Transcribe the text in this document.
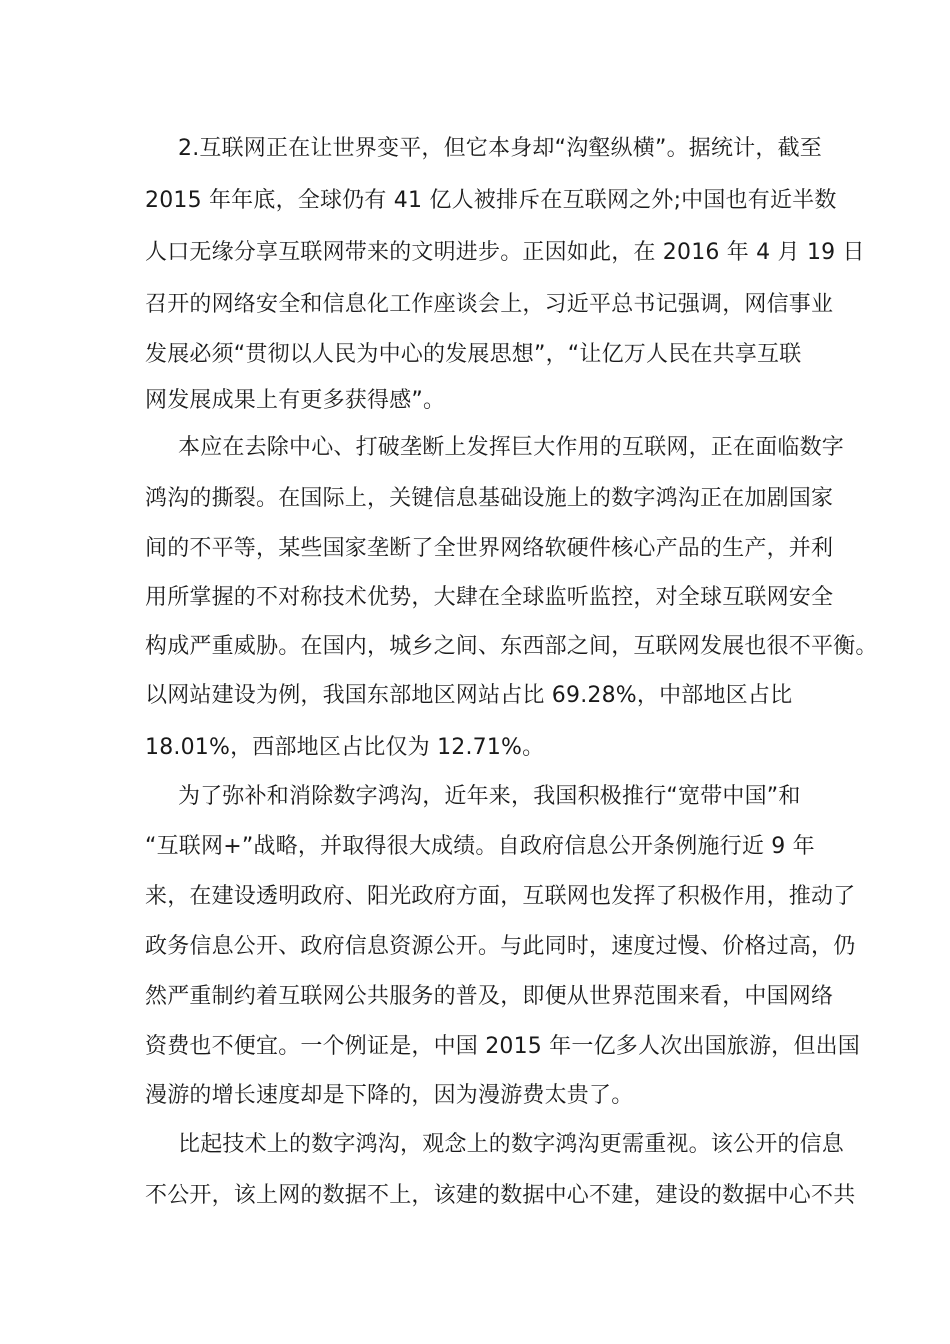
2.互联网正在让世界变平，但它本身却“沟壑纵横”。据统计，截至

2015 年年底，全球仍有 41 亿人被排斥在互联网之外;中国也有近半数

人口无缘分享互联网带来的文明进步。正因如此，在 2016 年 4 月 19 日

召开的网络安全和信息化工作座谈会上，习近平总书记强调，网信事业

发展必须“贯彻以人民为中心的发展思想”，“让亿万人民在共享互联

网发展成果上有更多获得感”。

本应在去除中心、打破垄断上发挥巨大作用的互联网，正在面临数字

鸿沟的撕裂。在国际上，关键信息基础设施上的数字鸿沟正在加剧国家

间的不平等，某些国家垄断了全世界网络软硬件核心产品的生产，并利

用所掌握的不对称技术优势，大肆在全球监听监控，对全球互联网安全

构成严重威胁。在国内，城乡之间、东西部之间，互联网发展也很不平衡。

以网站建设为例，我国东部地区网站占比 69.28%，中部地区占比

18.01%，西部地区占比仅为 12.71%。

为了弥补和消除数字鸿沟，近年来，我国积极推行“宽带中国”和

“互联网+”战略，并取得很大成绩。自政府信息公开条例施行近 9 年

来，在建设透明政府、阳光政府方面，互联网也发挥了积极作用，推动了

政务信息公开、政府信息资源公开。与此同时，速度过慢、价格过高，仍

然严重制约着互联网公共服务的普及，即便从世界范围来看，中国网络

资费也不便宜。一个例证是，中国 2015 年一亿多人次出国旅游，但出国

漫游的增长速度却是下降的，因为漫游费太贵了。

比起技术上的数字鸿沟，观念上的数字鸿沟更需重视。该公开的信息

不公开，该上网的数据不上，该建的数据中心不建，建设的数据中心不共
